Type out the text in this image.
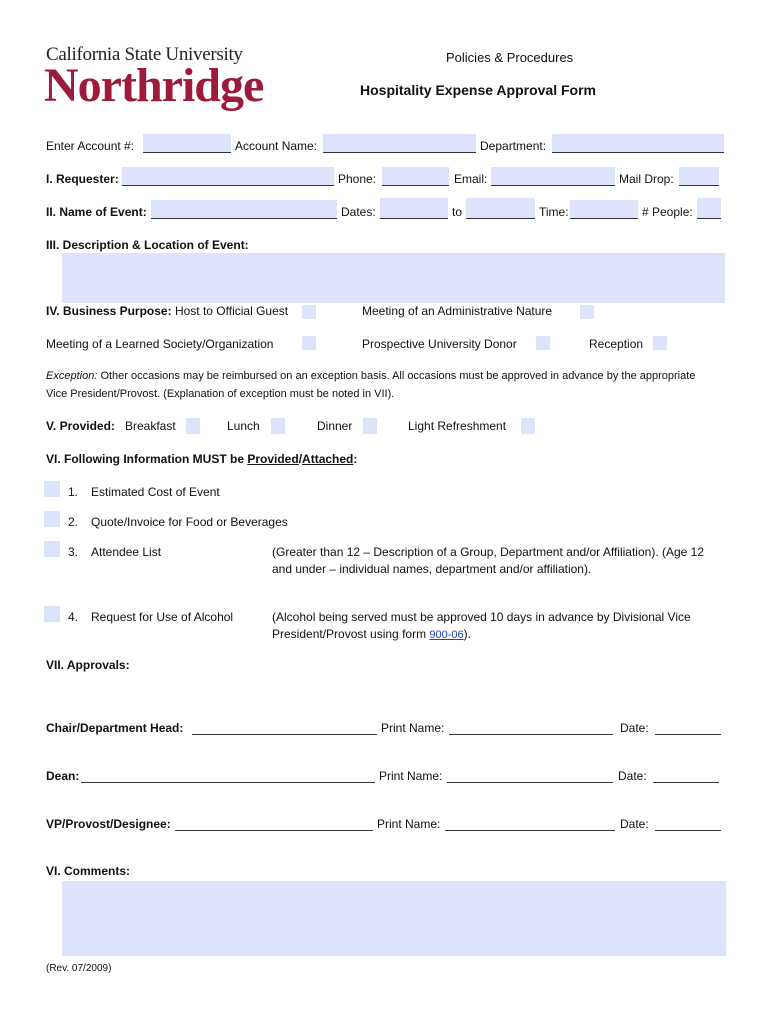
California State University
Northridge
Policies & Procedures
Hospitality Expense Approval Form
Enter Account #:	Account Name:	Department:
I. Requester:	Phone:	Email:	Mail Drop:
II. Name of Event:	Dates:	to	Time:	# People:
III. Description & Location of Event:
IV. Business Purpose: Host to Official Guest	Meeting of an Administrative Nature
Meeting of a Learned Society/Organization	Prospective University Donor	Reception
Exception: Other occasions may be reimbursed on an exception basis. All occasions must be approved in advance by the appropriate
Vice President/Provost. (Explanation of exception must be noted in VII).
V. Provided: Breakfast	Lunch	Dinner	Light Refreshment
VI. Following Information MUST be Provided/Attached:
1. Estimated Cost of Event
2. Quote/Invoice for Food or Beverages
3. Attendee List	(Greater than 12 – Description of a Group, Department and/or Affiliation). (Age 12 and under – individual names, department and/or affiliation).
4. Request for Use of Alcohol	(Alcohol being served must be approved 10 days in advance by Divisional Vice President/Provost using form 900-06).
VII. Approvals:
Chair/Department Head:	Print Name:	Date:
Dean:	Print Name:	Date:
VP/Provost/Designee:	Print Name:	Date:
VI. Comments:
(Rev. 07/2009)
